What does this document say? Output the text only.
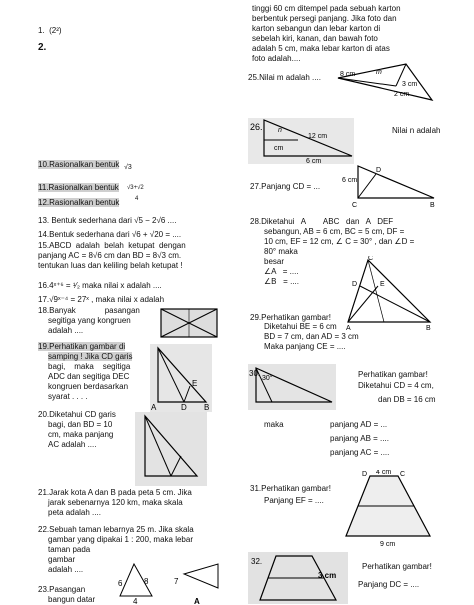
1.  (2²)
2.
10.Rasionalkan bentuk √3
11.Rasionalkan bentuk √3+√2
12.Rasionalkan bentuk	4
13. Bentuk sederhana dari √5 − 2√6 ....
14.Bentuk sederhana dari √6 + √20 = ....
15.ABCD  adalah  belah  ketupat  dengan
panjang AC = 8√6 cm dan BD = 8√3 cm.
tentukan luas dan keliling belah ketupat !
16.4ˣ⁺⁶ = ¹⁄₂ maka nilai x adalah ....
17.√9ˣ⁻⁴ = 27ˣ , maka nilai x adalah
18.Banyak             pasangan
segitiga yang kongruen
adalah ....
19.Perhatikan gambar di
samping ! Jika CD garis
bagi,    maka    segitiga
ADC dan segitiga DEC
kongruen berdasarkan
syarat . . . .
E
D
A	B
20.Diketahui CD garis
bagi, dan BD = 10
cm, maka panjang
AC adalah ....
21.Jarak kota A dan B pada peta 5 cm. Jika
jarak sebenarnya 120 km, maka skala
peta adalah ....
22.Sebuah taman lebarnya 25 m. Jika skala
gambar yang dipakai 1 : 200, maka lebar
taman pada
gambar
adalah ....
23.Pasangan
bangun datar
6	8
4
7
A
tinggi 60 cm ditempel pada sebuah karton
berbentuk persegi panjang. Jika foto dan
karton sebangun dan lebar karton di
sebelah kiri, kanan, dan bawah foto
adalah 5 cm, maka lebar karton di atas
foto adalah....
25.Nilai m adalah ....	8 cm	m
3 cm
2 cm
26. n
12 cm
cm
6 cm
Nilai n adalah
27.Panjang CD = ...
6 cm
C
D
B
28.Diketahui   A        ABC   dan   A   DEF
sebangun, AB = 6 cm, BC = 5 cm, DF =
10 cm, EF = 12 cm, ∠ C = 30° , dan ∠D =
80° maka
besar
∠A   = ....
∠B   = ....
C
D	E
A	B
29.Perhatikan gambar!
Diketahui BE = 6 cm
BD = 7 cm, dan AD = 3 cm
Maka panjang CE = ....
30.
30°	Perhatikan gambar!
Diketahui CD = 4 cm,
dan DB = 16 cm
maka	panjang AD = ...
panjang AB = ....
panjang AC = ....
31.Perhatikan gambar!
Panjang EF = ....
D 4 cm C
9 cm
32.
3 cm
Perhatikan gambar!
Panjang DC = ....
